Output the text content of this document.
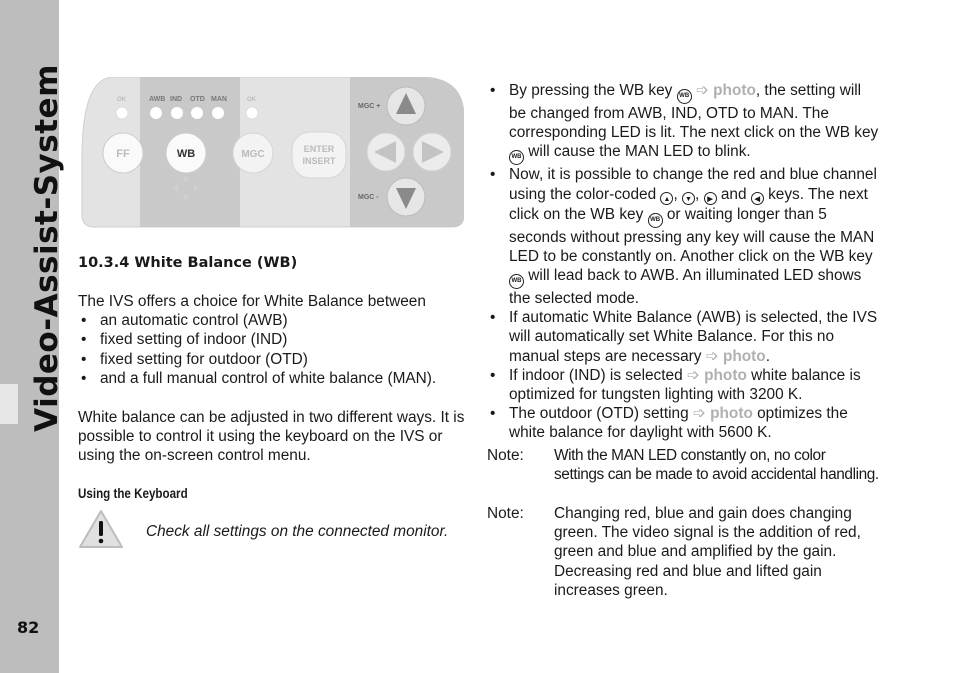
Video-Assist-System
82
OK	AWB IND OTD MAN	OK
FF	WB	MGC	ENTER
INSERT
MGC +
MGC -
10.3.4 White Balance (WB)
The IVS offers a choice for White Balance between
• an automatic control (AWB)
• fixed setting of indoor (IND)
• fixed setting for outdoor (OTD)
• and a full manual control of white balance (MAN).
White balance can be adjusted in two different ways. It is possible to control it using the keyboard on the IVS or using the on-screen control menu.
Using the Keyboard
Check all settings on the connected monitor.
• By pressing the WB key WB ➩ photo, the setting will be changed from AWB, IND, OTD to MAN. The corresponding LED is lit. The next click on the WB key WB will cause the MAN LED to blink.
• Now, it is possible to change the red and blue channel using the color-coded ▲ , ▼ , ▶ and ◀ keys. The next click on the WB key WB or waiting longer than 5 seconds without pressing any key will cause the MAN LED to be constantly on. Another click on the WB key WB will lead back to AWB. An illuminated LED shows the selected mode.
• If automatic White Balance (AWB) is selected, the IVS will automatically set White Balance. For this no manual steps are necessary ➩ photo.
• If indoor (IND) is selected ➩ photo white balance is optimized for tungsten lighting with 3200 K.
• The outdoor (OTD) setting ➩ photo optimizes the white balance for daylight with 5600 K.
Note: With the MAN LED constantly on, no color settings can be made to avoid accidental handling.
Note: Changing red, blue and gain does changing green. The video signal is the addition of red, green and blue and amplified by the gain. Decreasing red and blue and lifted gain increases green.
